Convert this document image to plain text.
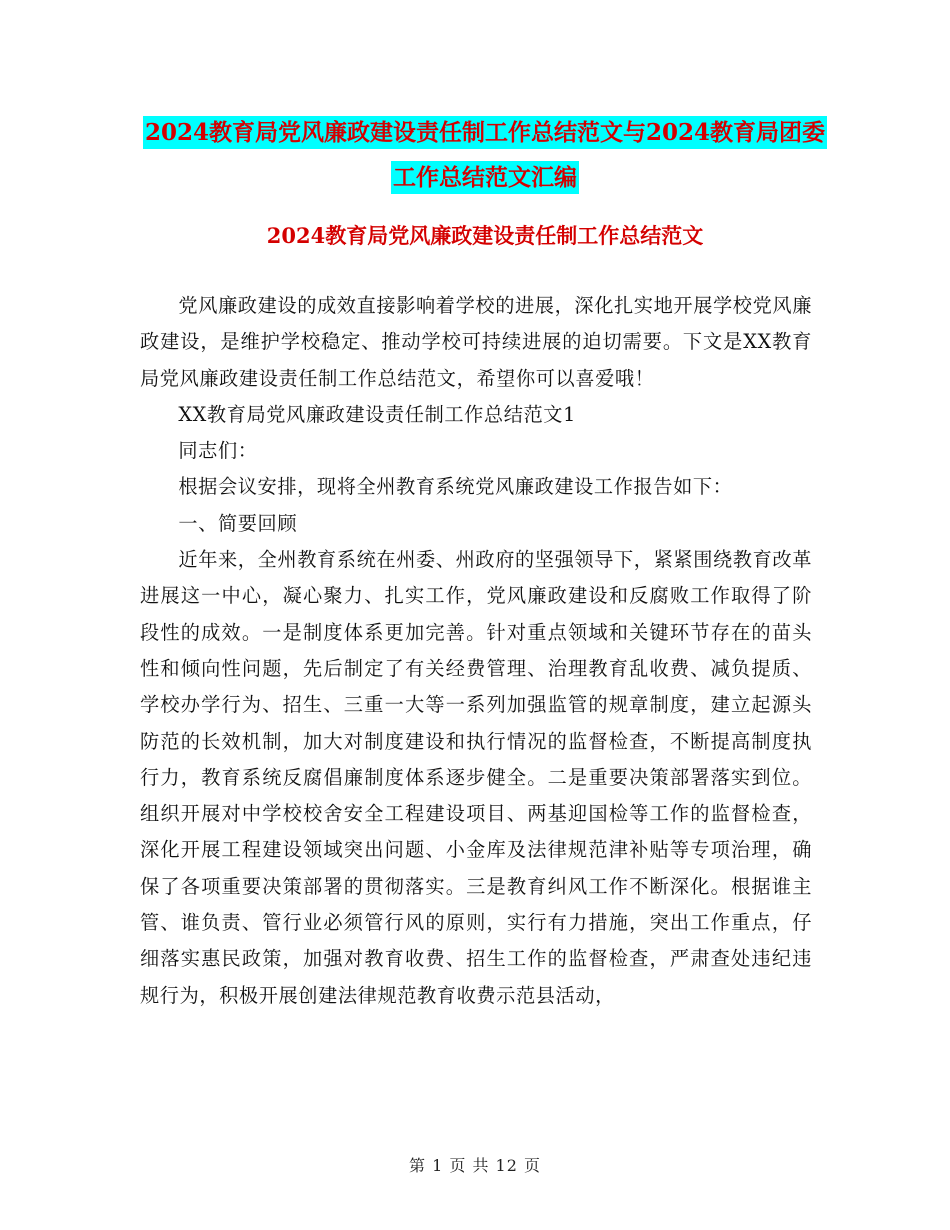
2024教育局党风廉政建设责任制工作总结范文与2024教育局团委工作总结范文汇编
2024教育局党风廉政建设责任制工作总结范文

党风廉政建设的成效直接影响着学校的进展，深化扎实地开展学校党风廉政建设，是维护学校稳定、推动学校可持续进展的迫切需要。下文是XX教育局党风廉政建设责任制工作总结范文，希望你可以喜爱哦！

XX教育局党风廉政建设责任制工作总结范文1

同志们：

根据会议安排，现将全州教育系统党风廉政建设工作报告如下：

一、简要回顾

近年来，全州教育系统在州委、州政府的坚强领导下，紧紧围绕教育改革进展这一中心，凝心聚力、扎实工作，党风廉政建设和反腐败工作取得了阶段性的成效。一是制度体系更加完善。针对重点领域和关键环节存在的苗头性和倾向性问题，先后制定了有关经费管理、治理教育乱收费、减负提质、学校办学行为、招生、三重一大等一系列加强监管的规章制度，建立起源头防范的长效机制，加大对制度建设和执行情况的监督检查，不断提高制度执行力，教育系统反腐倡廉制度体系逐步健全。二是重要决策部署落实到位。组织开展对中学校校舍安全工程建设项目、两基迎国检等工作的监督检查，深化开展工程建设领域突出问题、小金库及法律规范津补贴等专项治理，确保了各项重要决策部署的贯彻落实。三是教育纠风工作不断深化。根据谁主管、谁负责、管行业必须管行风的原则，实行有力措施，突出工作重点，仔细落实惠民政策，加强对教育收费、招生工作的监督检查，严肃查处违纪违规行为，积极开展创建法律规范教育收费示范县活动，

第 1 页 共 12 页
